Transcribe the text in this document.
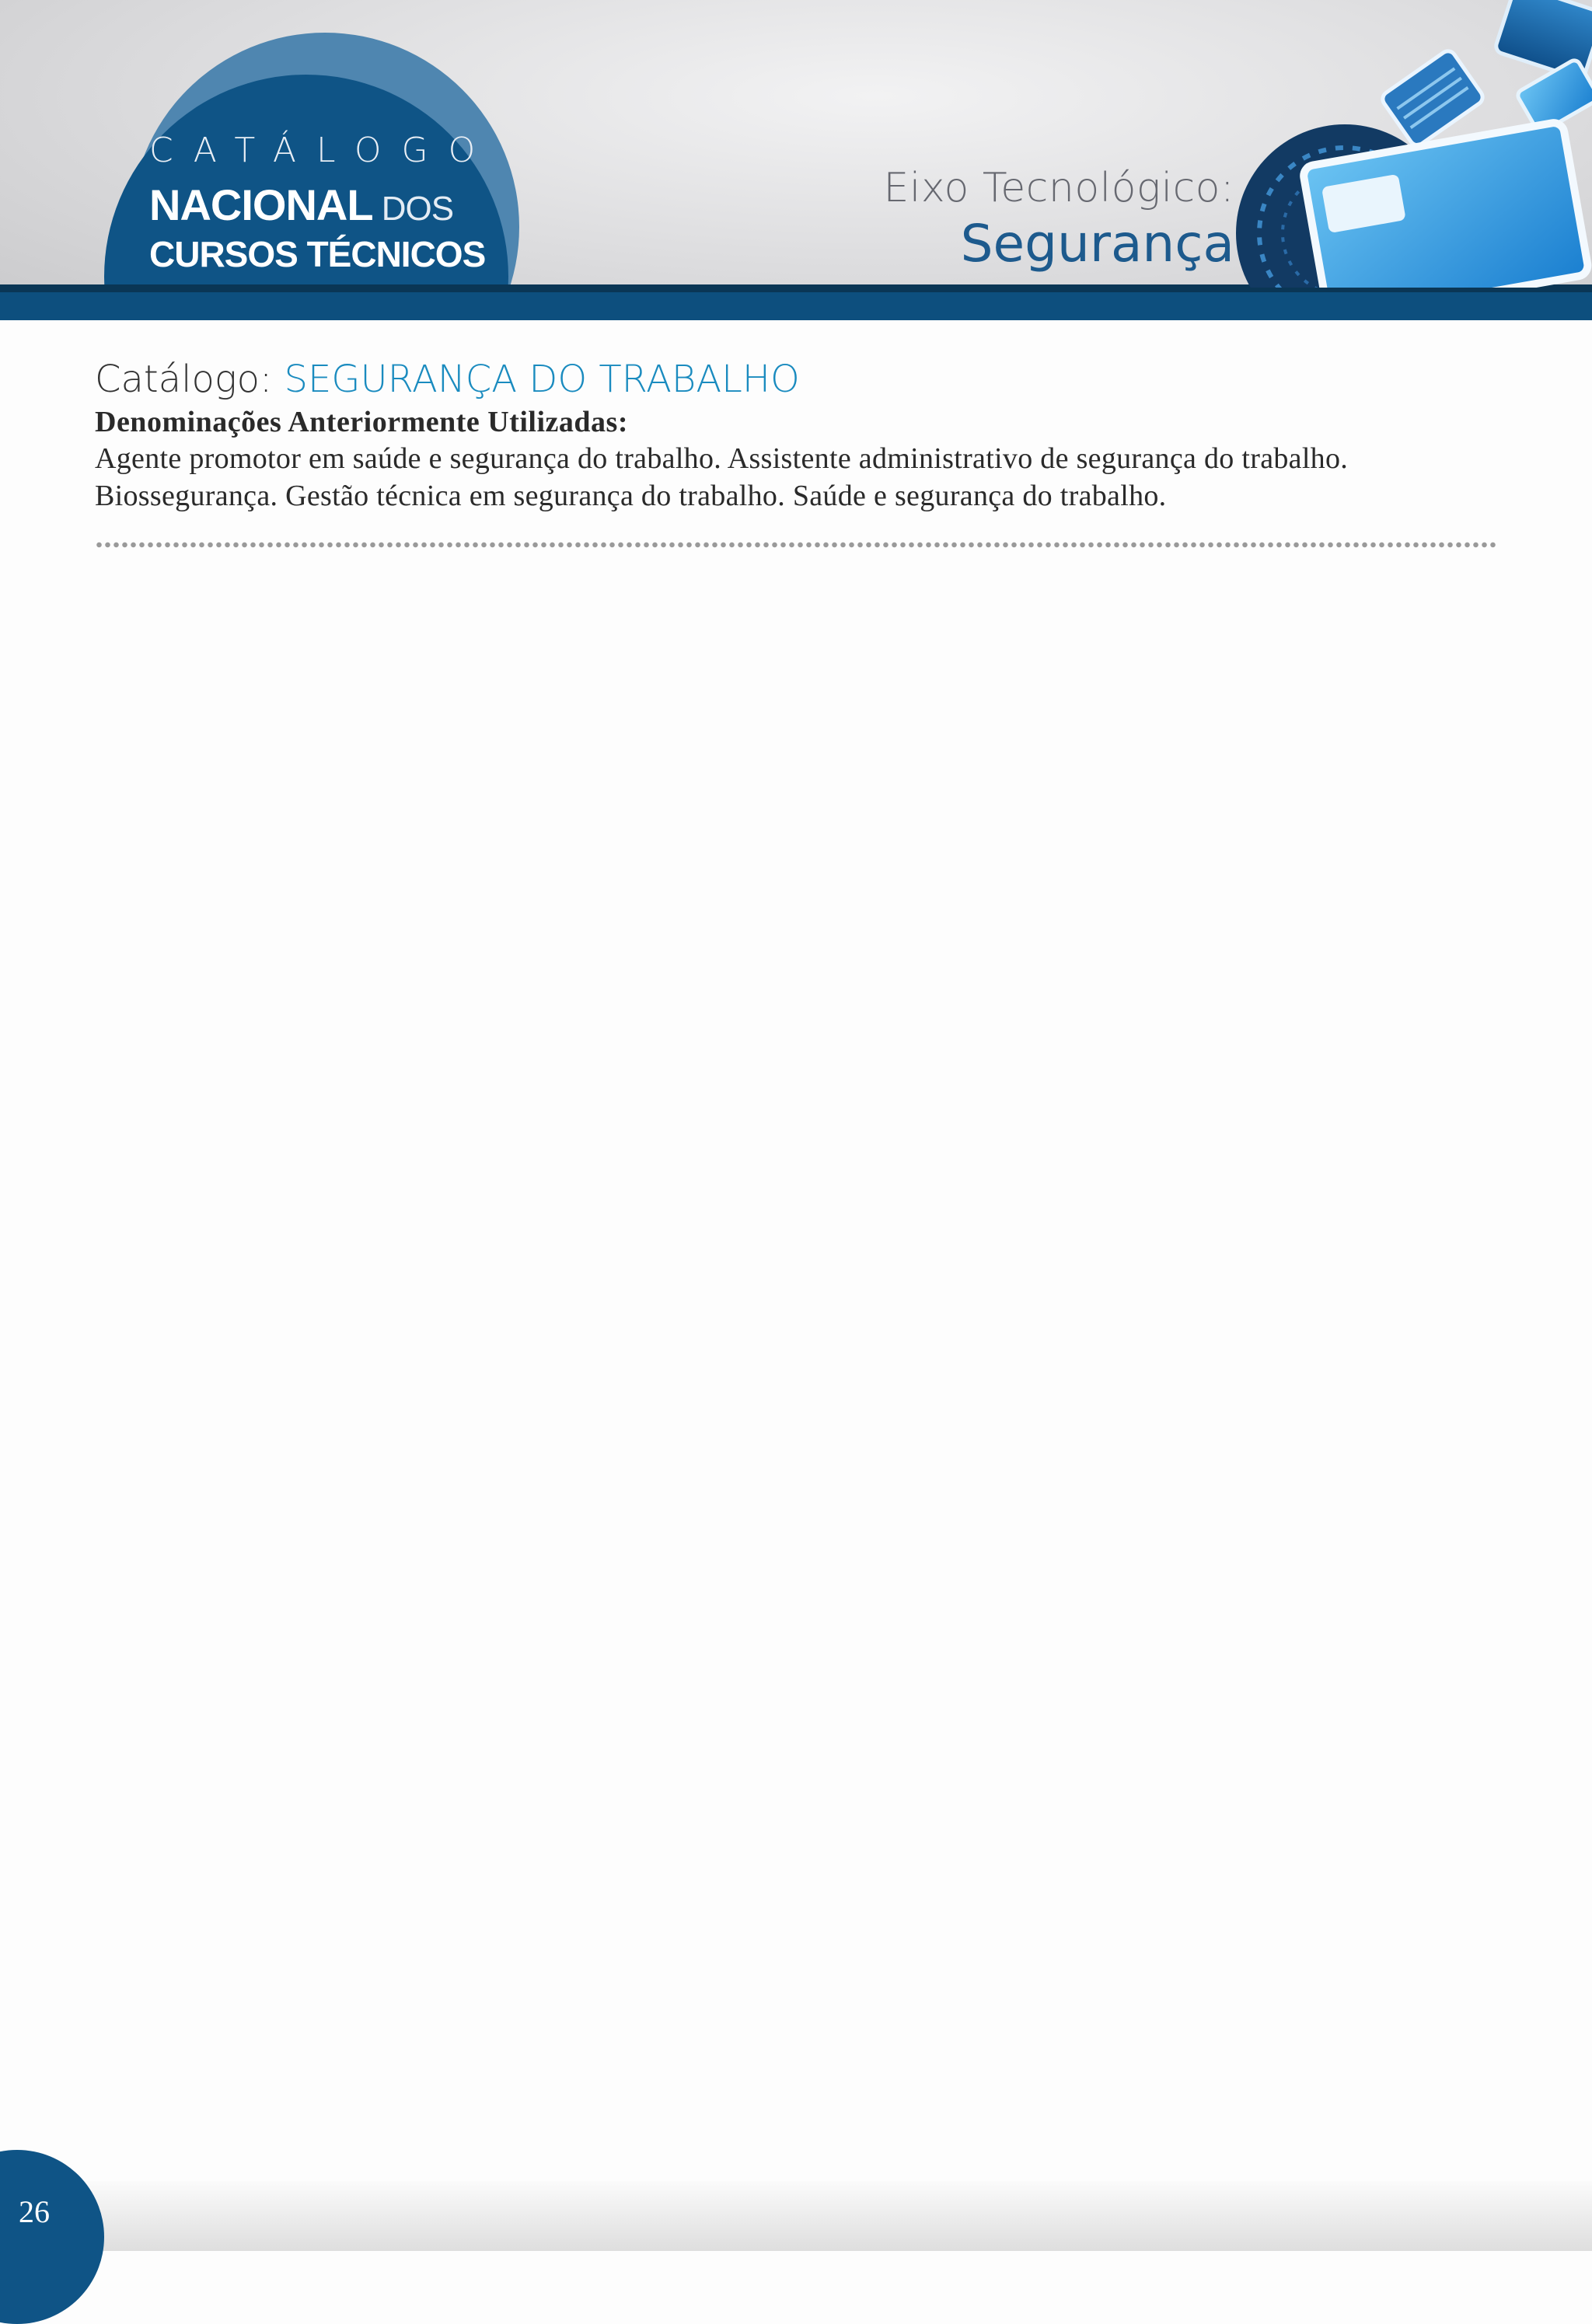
CATÁLOGO
NACIONAL DOS
CURSOS TÉCNICOS
Eixo Tecnológico:
Segurança
Catálogo: SEGURANÇA DO TRABALHO
Denominações Anteriormente Utilizadas:
Agente promotor em saúde e segurança do trabalho. Assistente administrativo de segurança do trabalho. Biossegurança. Gestão técnica em segurança do trabalho. Saúde e segurança do trabalho.
26
